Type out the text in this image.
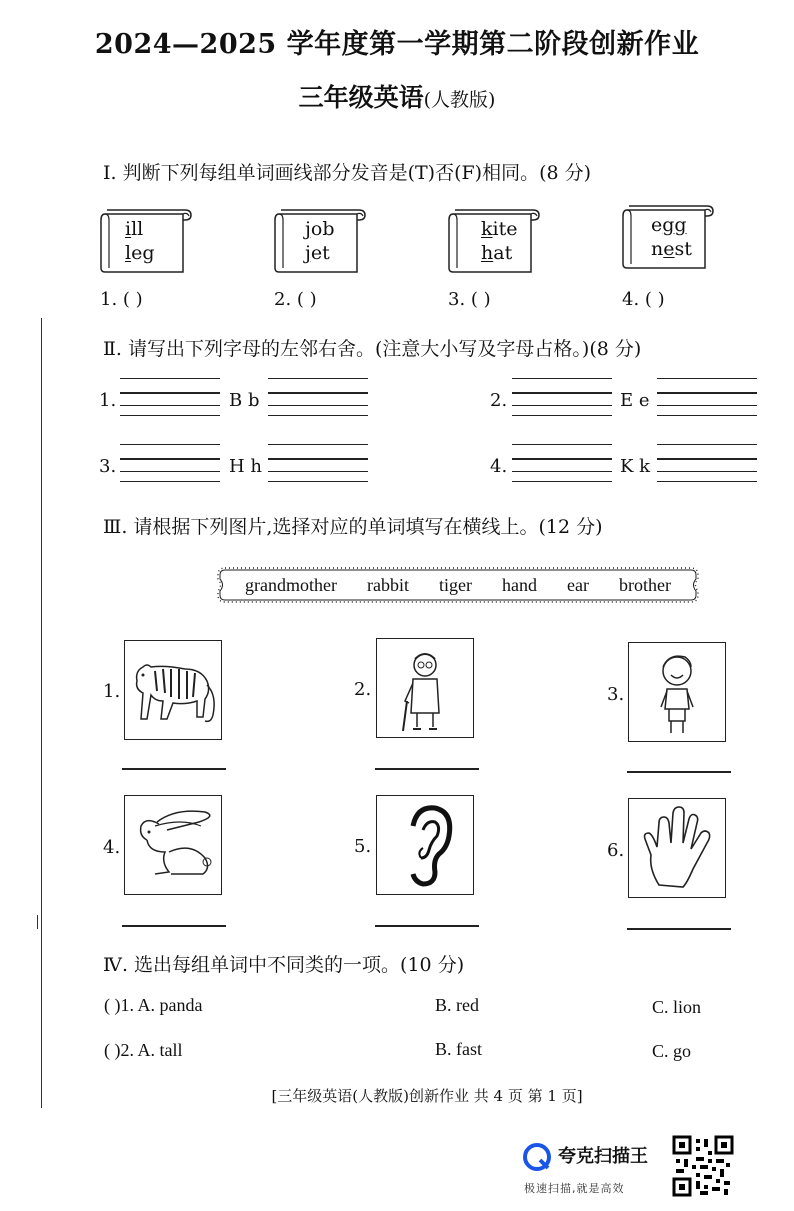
2024—2025 学年度第一学期第二阶段创新作业
三年级英语(人教版)
Ⅰ. 判断下列每组单词画线部分发音是(T)否(F)相同。(8 分)
ill
leg
job
jet
kite
hat
egg
nest
1. ( )	2. ( )	3. ( )	4. ( )
Ⅱ. 请写出下列字母的左邻右舍。(注意大小写及字母占格。)(8 分)
1.	B b	2.	E e
3.	H h	4.	K k
Ⅲ. 请根据下列图片,选择对应的单词填写在横线上。(12 分)
grandmother rabbit tiger hand ear brother
1.	2.	3.
4.	5.	6.
Ⅳ. 选出每组单词中不同类的一项。(10 分)
( )1. A. panda	B. red	C. lion
( )2. A. tall	B. fast	C. go
[三年级英语(人教版)创新作业 共 4 页 第 1 页]
夸克扫描王
极速扫描,就是高效
